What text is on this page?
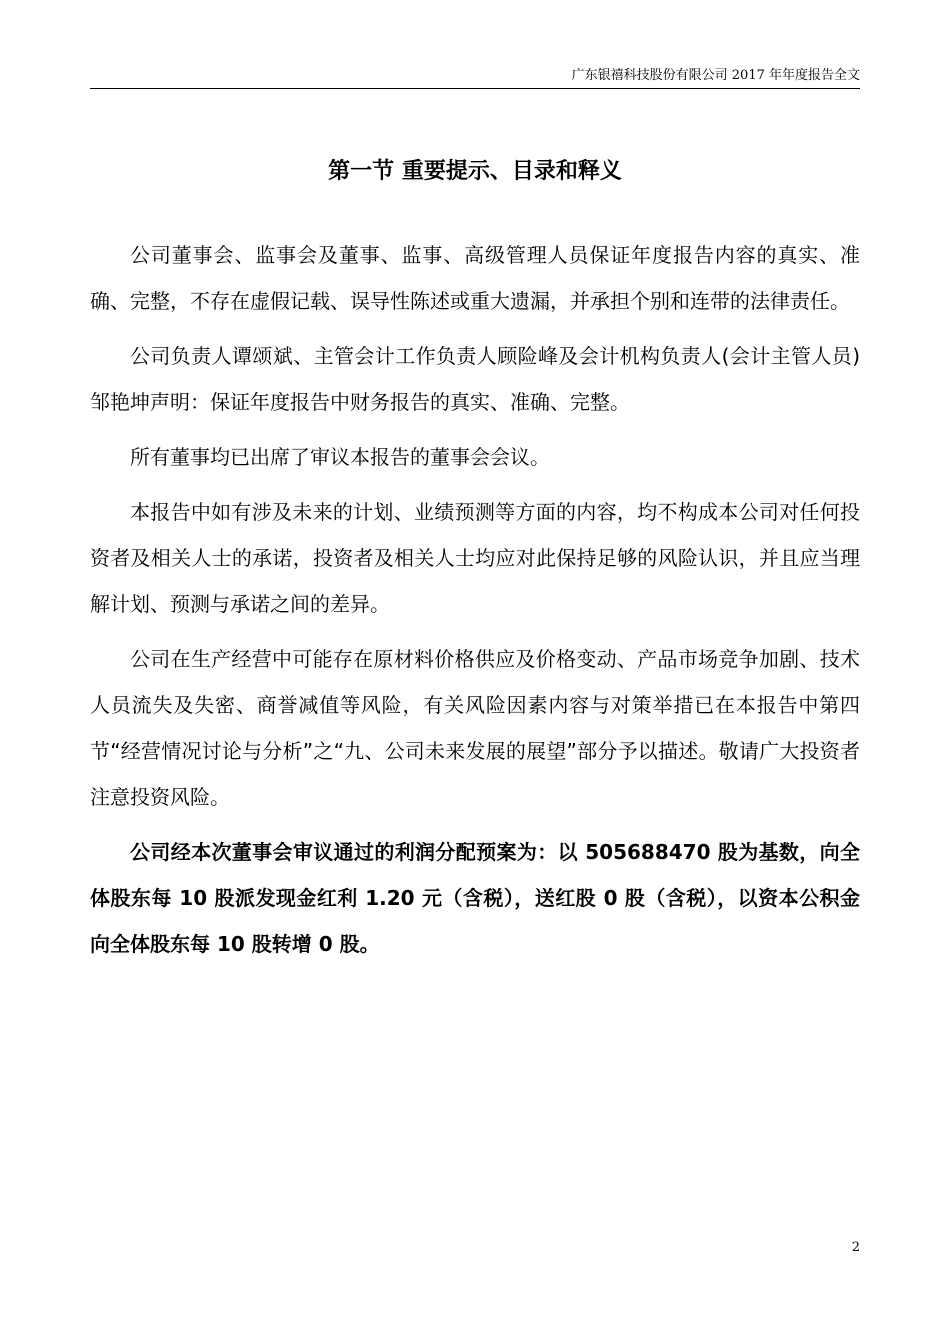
广东银禧科技股份有限公司 2017 年年度报告全文
第一节 重要提示、目录和释义

公司董事会、监事会及董事、监事、高级管理人员保证年度报告内容的真实、准确、完整，不存在虚假记载、误导性陈述或重大遗漏，并承担个别和连带的法律责任。

公司负责人谭颂斌、主管会计工作负责人顾险峰及会计机构负责人(会计主管人员)邹艳坤声明：保证年度报告中财务报告的真实、准确、完整。

所有董事均已出席了审议本报告的董事会会议。

本报告中如有涉及未来的计划、业绩预测等方面的内容，均不构成本公司对任何投资者及相关人士的承诺，投资者及相关人士均应对此保持足够的风险认识，并且应当理解计划、预测与承诺之间的差异。

公司在生产经营中可能存在原材料价格供应及价格变动、产品市场竞争加剧、技术人员流失及失密、商誉减值等风险，有关风险因素内容与对策举措已在本报告中第四节“经营情况讨论与分析”之“九、公司未来发展的展望”部分予以描述。敬请广大投资者注意投资风险。

公司经本次董事会审议通过的利润分配预案为：以 505688470 股为基数，向全体股东每 10 股派发现金红利 1.20 元（含税），送红股 0 股（含税），以资本公积金向全体股东每 10 股转增 0 股。

2
